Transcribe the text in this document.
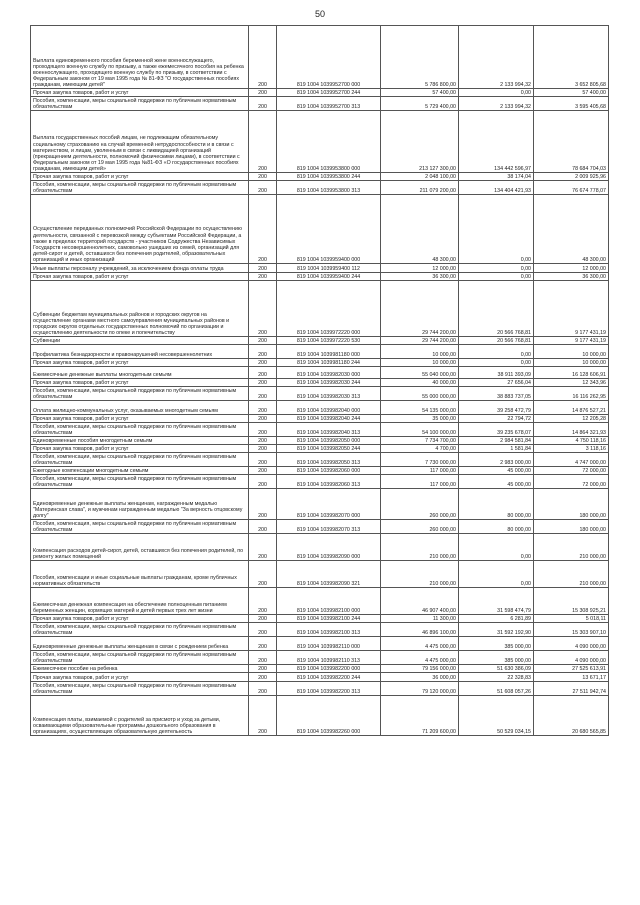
50
Выплата единовременного пособия беременной жене военнослужащего, проходящего военную службу по призыву, а также ежемесячного пособия на ребенка военнослужащего, проходящего военную службу по призыву, в соответствии с Федеральным законом от 19 мая 1995 года № 81-ФЗ "О государственных пособиях гражданам, имеющим детей"	200	819 1004 1039952700 000	5 786 800,00	2 133 994,32	3 652 805,68
Прочая закупка товаров, работ и услуг	200	819 1004 1039952700 244	57 400,00	0,00	57 400,00
Пособия, компенсации, меры социальной поддержки по публичным нормативным обязательствам	200	819 1004 1039952700 313	5 729 400,00	2 133 994,32	3 595 405,68
Выплата государственных пособий лицам, не подлежащим обязательному социальному страхованию на случай временной нетрудоспособности и в связи с материнством, и лицам, уволенным в связи с ликвидацией организаций (прекращением деятельности, полномочий физическими лицами), в соответствии с Федеральным законом от 19 мая 1995 года №81-ФЗ «О государственных пособиях гражданам, имеющим детей»	200	819 1004 1039953800 000	213 127 300,00	134 442 596,97	78 684 704,03
Прочая закупка товаров, работ и услуг	200	819 1004 1039953800 244	2 048 100,00	38 174,04	2 009 925,96
Пособия, компенсации, меры социальной поддержки по публичным нормативным обязательствам	200	819 1004 1039953800 313	211 079 200,00	134 404 421,93	76 674 778,07
Осуществление переданных полномочий Российской Федерации по осуществлению деятельности, связанной с перевозкой между субъектами Российской Федерации, а также в пределах территорий государств - участников Содружества Независимых Государств несовершеннолетних, самовольно ушедших из семей, организаций для детей-сирот и детей, оставшихся без попечения родителей, образовательных организаций и иных организаций	200	819 1004 1039959400 000	48 300,00	0,00	48 300,00
Иные выплаты персоналу учреждений, за исключением фонда оплаты труда	200	819 1004 1039959400 112	12 000,00	0,00	12 000,00
Прочая закупка товаров, работ и услуг	200	819 1004 1039959400 244	36 300,00	0,00	36 300,00
Субвенции бюджетам муниципальных районов и городских округов на осуществление органами местного самоуправления муниципальных районов и городских округов отдельных государственных полномочий по организации и осуществлению деятельности по опеке и попечительству	200	819 1004 1039972220 000	29 744 200,00	20 566 768,81	9 177 431,19
Субвенции	200	819 1004 1039972220 530	29 744 200,00	20 566 768,81	9 177 431,19
Профилактика безнадзорности и правонарушений несовершеннолетних	200	819 1004 1039981180 000	10 000,00	0,00	10 000,00
Прочая закупка товаров, работ и услуг	200	819 1004 1039981180 244	10 000,00	0,00	10 000,00
Ежемесячные денежные выплаты многодетным семьям	200	819 1004 1039982030 000	55 040 000,00	38 911 393,09	16 128 606,91
Прочая закупка товаров, работ и услуг	200	819 1004 1039982030 244	40 000,00	27 656,04	12 343,96
Пособия, компенсации, меры социальной поддержки по публичным нормативным обязательствам	200	819 1004 1039982030 313	55 000 000,00	38 883 737,05	16 116 262,95
Оплата жилищно-коммунальных услуг, оказываемых многодетным семьям	200	819 1004 1039982040 000	54 135 000,00	39 258 472,79	14 876 527,21
Прочая закупка товаров, работ и услуг	200	819 1004 1039982040 244	35 000,00	22 794,72	12 205,28
Пособия, компенсации, меры социальной поддержки по публичным нормативным обязательствам	200	819 1004 1039982040 313	54 100 000,00	39 235 678,07	14 864 321,93
Единовременные пособия многодетным семьям	200	819 1004 1039982050 000	7 734 700,00	2 984 581,84	4 750 118,16
Прочая закупка товаров, работ и услуг	200	819 1004 1039982050 244	4 700,00	1 581,84	3 118,16
Пособия, компенсации, меры социальной поддержки по публичным нормативным обязательствам	200	819 1004 1039982050 313	7 730 000,00	2 983 000,00	4 747 000,00
Ежегодные компенсации многодетным семьям	200	819 1004 1039982060 000	117 000,00	45 000,00	72 000,00
Пособия, компенсации, меры социальной поддержки по публичным нормативным обязательствам	200	819 1004 1039982060 313	117 000,00	45 000,00	72 000,00
Единовременные денежные выплаты женщинам, награжденным медалью "Материнская слава", и мужчинам награжденным медалью "За верность отцовскому долгу"	200	819 1004 1039982070 000	260 000,00	80 000,00	180 000,00
Пособия, компенсация, меры социальной поддержки по публичным нормативным обязательствам	200	819 1004 1039982070 313	260 000,00	80 000,00	180 000,00
Компенсация расходов детей-сирот, детей, оставшихся без попечения родителей, по ремонту жилых помещений	200	819 1004 1039982090 000	210 000,00	0,00	210 000,00
Пособия, компенсации и иные социальные выплаты гражданам, кроме публичных нормативных обязательств	200	819 1004 1039982090 321	210 000,00	0,00	210 000,00
Ежемесячная денежная компенсация на обеспечение полноценным питанием беременных женщин, кормящих матерей и детей первых трех лет жизни	200	819 1004 1039982100 000	46 907 400,00	31 598 474,79	15 308 925,21
Прочая закупка товаров, работ и услуг	200	819 1004 1039982100 244	11 300,00	6 281,89	5 018,11
Пособия, компенсации, меры социальной поддержки по публичным нормативным обязательствам	200	819 1004 1039982100 313	46 896 100,00	31 592 192,90	15 303 907,10
Единовременные денежные выплаты женщинам в связи с рождением ребенка	200	819 1004 1039982110 000	4 475 000,00	385 000,00	4 090 000,00
Пособия, компенсации, меры социальной поддержки по публичным нормативным обязательствам	200	819 1004 1039982110 313	4 475 000,00	385 000,00	4 090 000,00
Ежемесячное пособие на ребенка	200	819 1004 1039982200 000	79 156 000,00	51 630 386,09	27 525 613,91
Прочая закупка товаров, работ и услуг	200	819 1004 1039982200 244	36 000,00	22 328,83	13 671,17
Пособия, компенсации, меры социальной поддержки по публичным нормативным обязательствам	200	819 1004 1039982200 313	79 120 000,00	51 608 057,26	27 511 942,74
Компенсация платы, взимаемой с родителей за присмотр и уход за детьми, осваивающими образовательные программы дошкольного образования в организациях, осуществляющих образовательную деятельность	200	819 1004 1039982260 000	71 209 600,00	50 529 034,15	20 680 565,85
